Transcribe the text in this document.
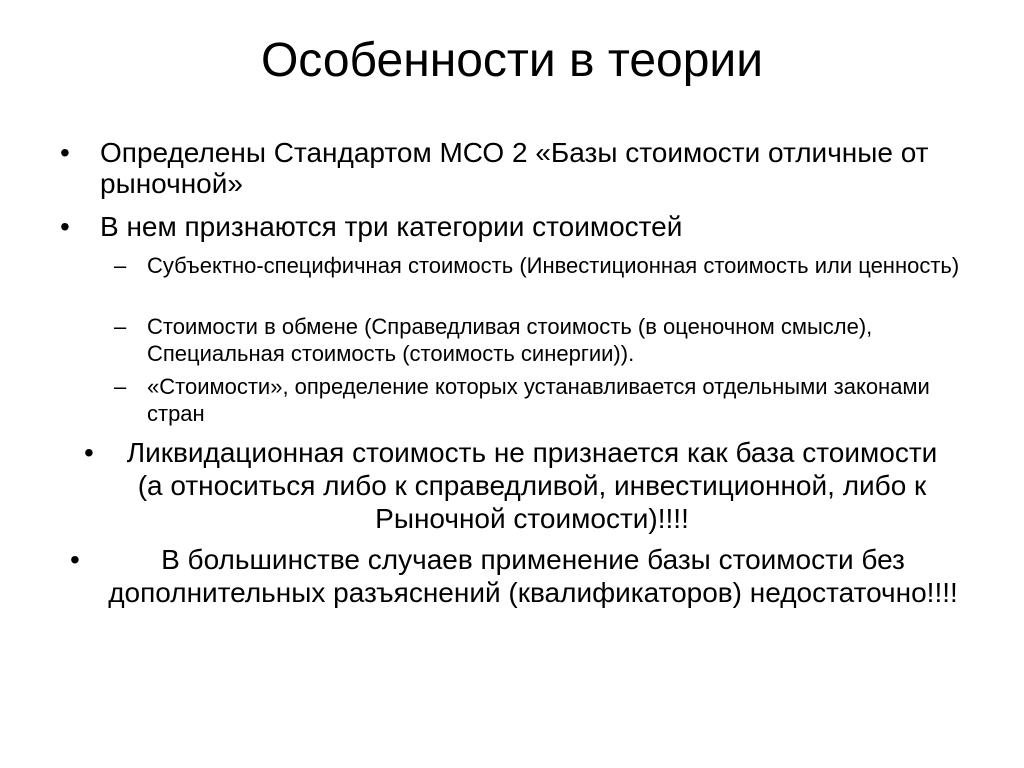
Особенности в теории
• Определены Стандартом МСО 2 «Базы стоимости отличные от рыночной»
• В нем признаются три категории стоимостей
– Субъектно-специфичная стоимость (Инвестиционная стоимость или ценность)
– Стоимости в обмене (Справедливая стоимость (в оценочном смысле), Специальная стоимость (стоимость синергии)).
– «Стоимости», определение которых устанавливается отдельными законами стран
•	Ликвидационная стоимость не признается как база стоимости (а относиться либо к справедливой, инвестиционной, либо к Рыночной стоимости)!!!!
•	В большинстве случаев применение базы стоимости без дополнительных разъяснений (квалификаторов) недостаточно!!!!
